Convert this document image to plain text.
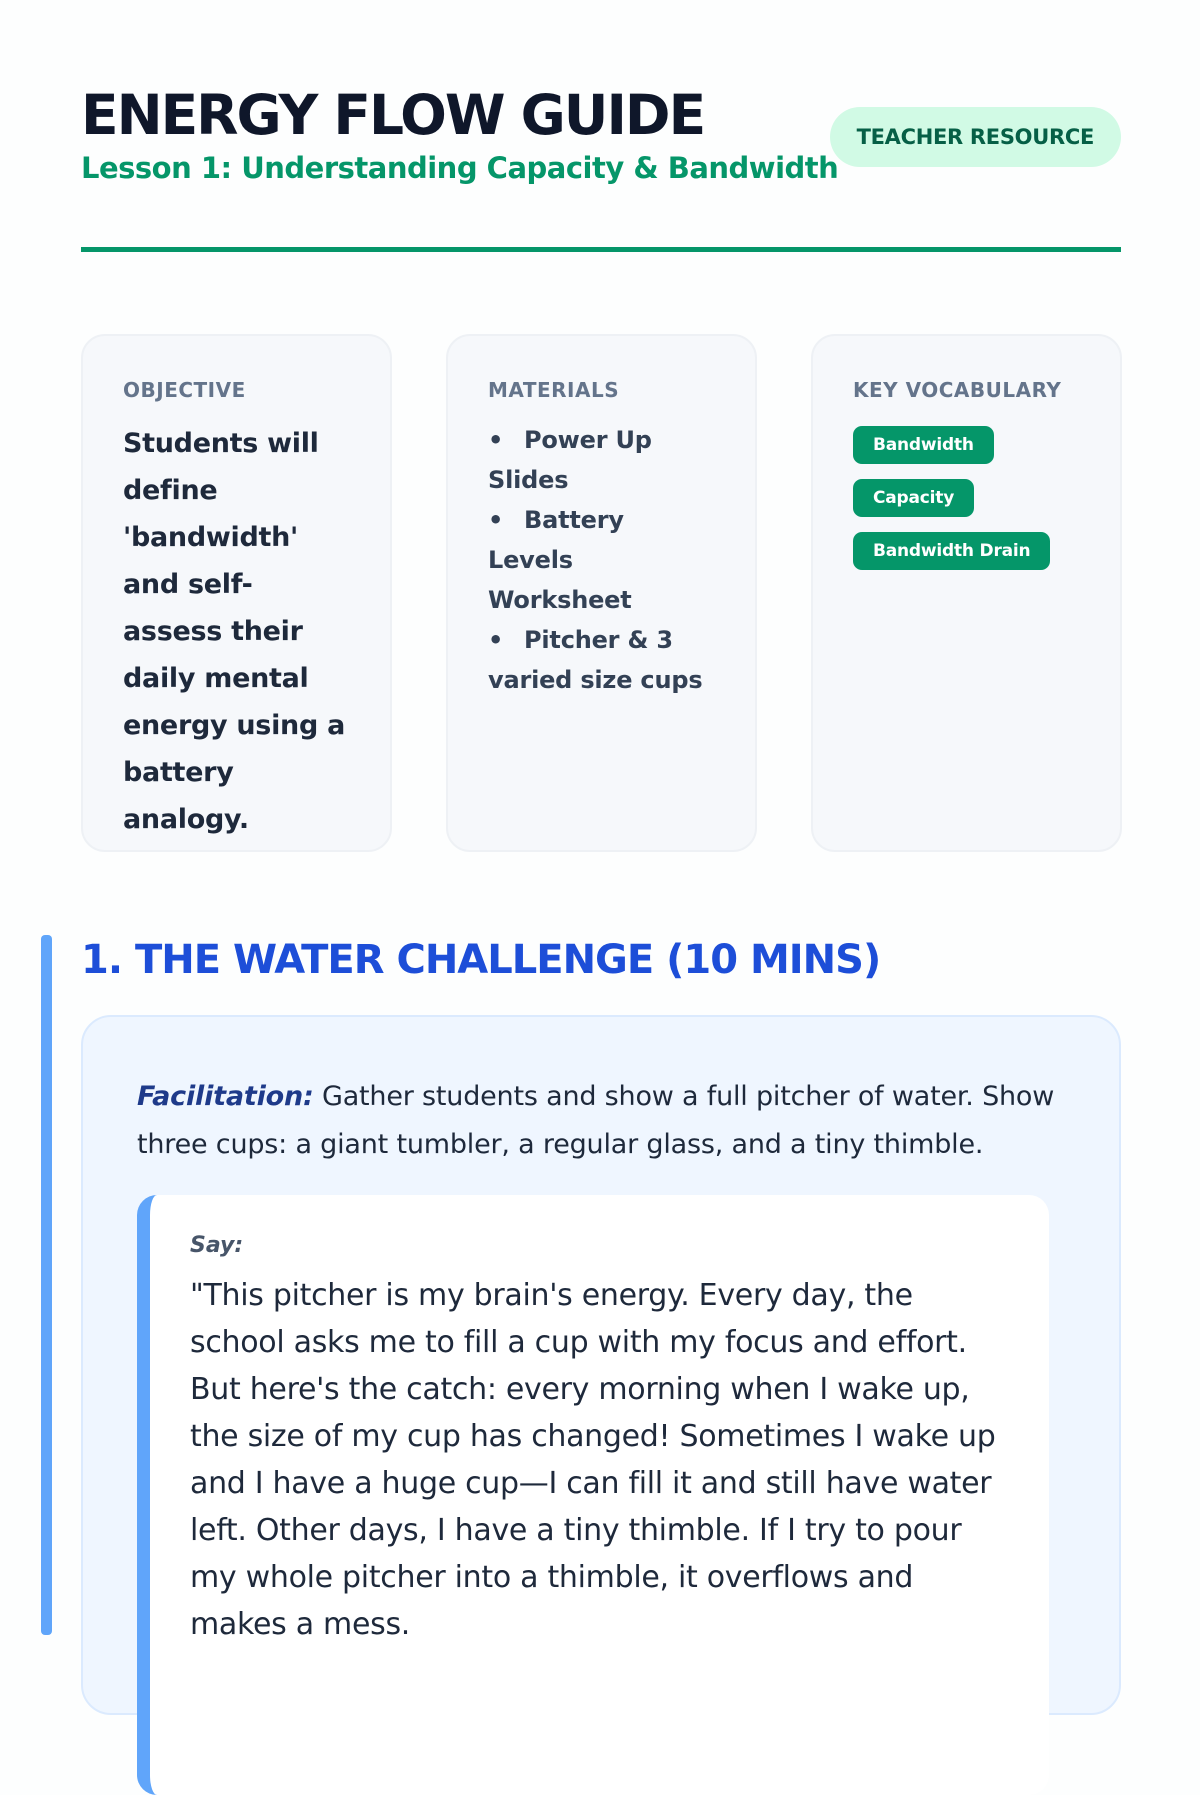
ENERGY FLOW GUIDE
Lesson 1: Understanding Capacity & Bandwidth
TEACHER RESOURCE
OBJECTIVE

Students will define 'bandwidth' and self-assess their daily mental energy using a battery analogy.

MATERIALS
• Power Up Slides
• Battery Levels Worksheet
• Pitcher & 3 varied size cups
KEY VOCABULARY
Bandwidth
Capacity
Bandwidth Drain
1. THE WATER CHALLENGE (10 MINS)

Facilitation: Gather students and show a full pitcher of water. Show three cups: a giant tumbler, a regular glass, and a tiny thimble.

Say:

"This pitcher is my brain's energy. Every day, the school asks me to fill a cup with my focus and effort. But here's the catch: every morning when I wake up, the size of my cup has changed! Sometimes I wake up and I have a huge cup—I can fill it and still have water left. Other days, I have a tiny thimble. If I try to pour my whole pitcher into a thimble, it overflows and makes a mess.
